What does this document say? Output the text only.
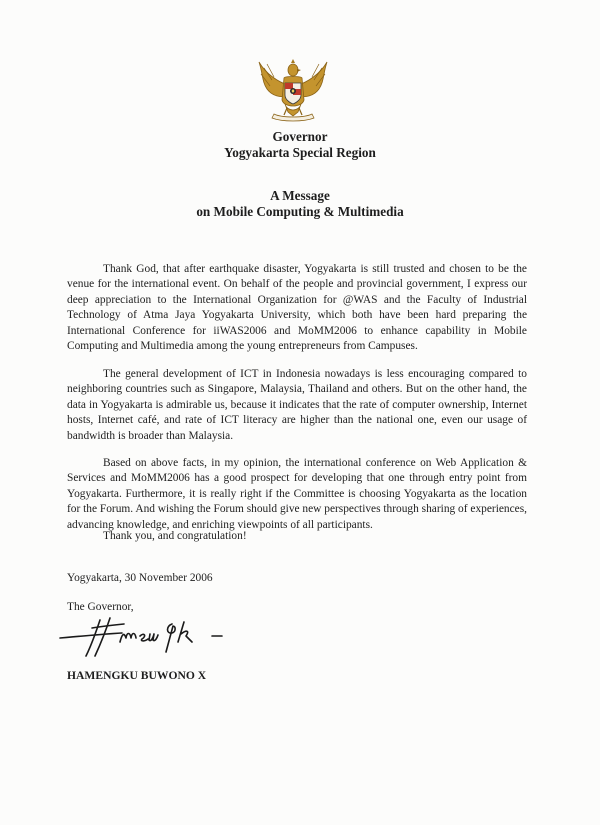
Governor
Yogyakarta Special Region
A Message
on Mobile Computing & Multimedia

Thank God, that after earthquake disaster, Yogyakarta is still trusted and chosen to be the venue for the international event. On behalf of the people and provincial government, I express our deep appreciation to the International Organization for @WAS and the Faculty of Industrial Technology of Atma Jaya Yogyakarta University, which both have been hard preparing the International Conference for iiWAS2006 and MoMM2006 to enhance capability in Mobile Computing and Multimedia among the young entrepreneurs from Campuses.

The general development of ICT in Indonesia nowadays is less encouraging compared to neighboring countries such as Singapore, Malaysia, Thailand and others. But on the other hand, the data in Yogyakarta is admirable us, because it indicates that the rate of computer ownership, Internet hosts, Internet café, and rate of ICT literacy are higher than the national one, even our usage of bandwidth is broader than Malaysia.

Based on above facts, in my opinion, the international conference on Web Application & Services and MoMM2006 has a good prospect for developing that one through entry point from Yogyakarta. Furthermore, it is really right if the Committee is choosing Yogyakarta as the location for the Forum. And wishing the Forum should give new perspectives through sharing of experiences, advancing knowledge, and enriching viewpoints of all participants.

Thank you, and congratulation!

Yogyakarta, 30 November 2006
The Governor,
HAMENGKU BUWONO X
